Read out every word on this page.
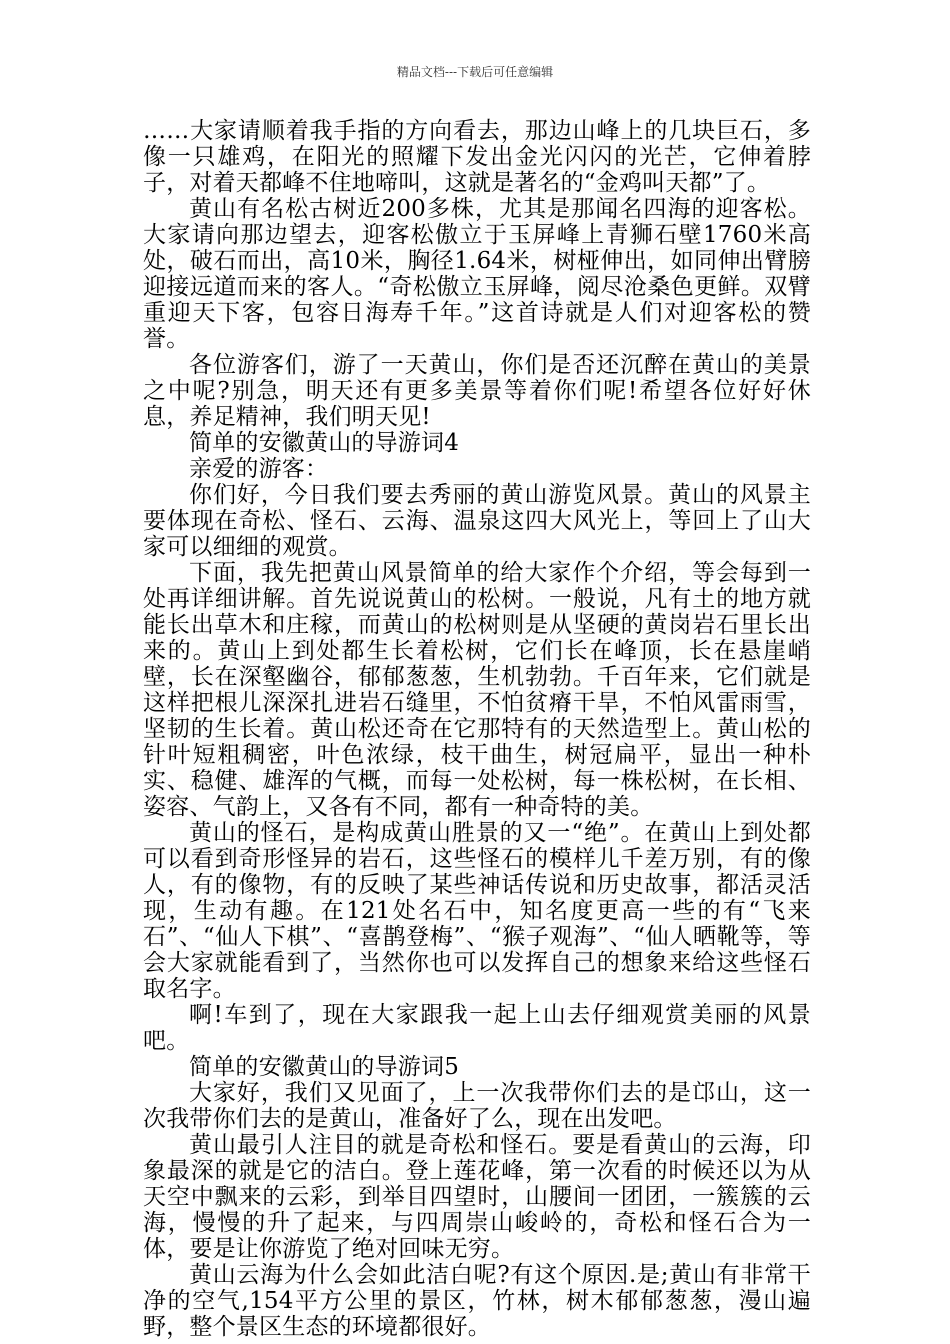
精品文档---下载后可任意编辑

……大家请顺着我手指的方向看去，那边山峰上的几块巨石，多像一只雄鸡，在阳光的照耀下发出金光闪闪的光芒，它伸着脖子，对着天都峰不住地啼叫，这就是著名的“金鸡叫天都”了。

黄山有名松古树近200多株，尤其是那闻名四海的迎客松。大家请向那边望去，迎客松傲立于玉屏峰上青狮石壁1760米高处，破石而出，高10米，胸径1.64米，树桠伸出，如同伸出臂膀迎接远道而来的客人。“奇松傲立玉屏峰，阅尽沧桑色更鲜。双臂重迎天下客，包容日海寿千年。”这首诗就是人们对迎客松的赞誉。

各位游客们，游了一天黄山，你们是否还沉醉在黄山的美景之中呢?别急，明天还有更多美景等着你们呢!希望各位好好休息，养足精神，我们明天见!

简单的安徽黄山的导游词4

亲爱的游客：

你们好，今日我们要去秀丽的黄山游览风景。黄山的风景主要体现在奇松、怪石、云海、温泉这四大风光上，等回上了山大家可以细细的观赏。

下面，我先把黄山风景简单的给大家作个介绍，等会每到一处再详细讲解。首先说说黄山的松树。一般说，凡有土的地方就能长出草木和庄稼，而黄山的松树则是从坚硬的黄岗岩石里长出来的。黄山上到处都生长着松树，它们长在峰顶，长在悬崖峭壁，长在深壑幽谷，郁郁葱葱，生机勃勃。千百年来，它们就是这样把根儿深深扎进岩石缝里，不怕贫瘠干旱，不怕风雷雨雪，坚韧的生长着。黄山松还奇在它那特有的天然造型上。黄山松的针叶短粗稠密，叶色浓绿，枝干曲生，树冠扁平，显出一种朴实、稳健、雄浑的气概，而每一处松树，每一株松树，在长相、姿容、气韵上，又各有不同，都有一种奇特的美。

黄山的怪石，是构成黄山胜景的又一“绝”。在黄山上到处都可以看到奇形怪异的岩石，这些怪石的模样儿千差万别，有的像人，有的像物，有的反映了某些神话传说和历史故事，都活灵活现，生动有趣。在121处名石中，知名度更高一些的有“飞来石”、“仙人下棋”、“喜鹊登梅”、“猴子观海”、“仙人晒靴等，等会大家就能看到了，当然你也可以发挥自己的想象来给这些怪石取名字。

啊!车到了，现在大家跟我一起上山去仔细观赏美丽的风景吧。

简单的安徽黄山的导游词5

大家好，我们又见面了，上一次我带你们去的是邙山，这一次我带你们去的是黄山，准备好了么，现在出发吧。

黄山最引人注目的就是奇松和怪石。要是看黄山的云海，印象最深的就是它的洁白。登上莲花峰，第一次看的时候还以为从天空中飘来的云彩，到举目四望时，山腰间一团团，一簇簇的云海，慢慢的升了起来，与四周崇山峻岭的，奇松和怪石合为一体，要是让你游览了绝对回味无穷。

黄山云海为什么会如此洁白呢?有这个原因.是;黄山有非常干净的空气,154平方公里的景区，竹林，树木郁郁葱葱，漫山遍野，整个景区生态的环境都很好。
